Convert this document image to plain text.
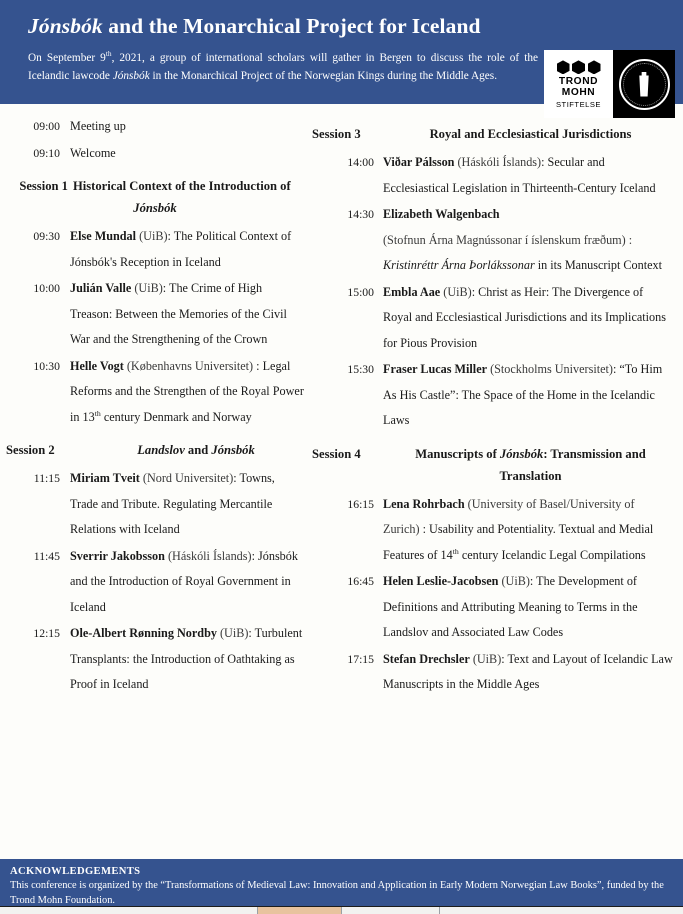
Jónsbók and the Monarchical Project for Iceland
On September 9th, 2021, a group of international scholars will gather in Bergen to discuss the role of the Icelandic lawcode Jónsbók in the Monarchical Project of the Norwegian Kings during the Middle Ages.
TROND
MOHN
STIFTELSE
09:00 Meeting up
09:10 Welcome
Session 1 Historical Context of the Introduction of Jónsbók
09:30 Else Mundal (UiB): The Political Context of Jónsbók's Reception in Iceland
10:00 Julián Valle (UiB): The Crime of High Treason: Between the Memories of the Civil War and the Strengthening of the Crown
10:30 Helle Vogt (Københavns Universitet) : Legal Reforms and the Strengthen of the Royal Power in 13th century Denmark and Norway
Session 2	Landslov and Jónsbók
11:15 Miriam Tveit (Nord Universitet): Towns, Trade and Tribute. Regulating Mercantile Relations with Iceland
11:45 Sverrir Jakobsson (Háskóli Íslands): Jónsbók and the Introduction of Royal Government in Iceland
12:15 Ole-Albert Rønning Nordby (UiB): Turbulent Transplants: the Introduction of Oathtaking as Proof in Iceland
Session 3	Royal and Ecclesiastical Jurisdictions
14:00 Viðar Pálsson (Háskóli Íslands): Secular and Ecclesiastical Legislation in Thirteenth-Century Iceland
14:30 Elizabeth Walgenbach
(Stofnun Árna Magnússonar í íslenskum fræðum) : Kristinréttr Árna Þorlákssonar in its Manuscript Context
15:00 Embla Aae (UiB): Christ as Heir: The Divergence of Royal and Ecclesiastical Jurisdictions and its Implications for Pious Provision
15:30 Fraser Lucas Miller (Stockholms Universitet): “To Him As His Castle”: The Space of the Home in the Icelandic Laws
Session 4	Manuscripts of Jónsbók: Transmission and Translation
16:15 Lena Rohrbach (University of Basel/University of Zurich) : Usability and Potentiality. Textual and Medial Features of 14th century Icelandic Legal Compilations
16:45 Helen Leslie-Jacobsen (UiB): The Development of Definitions and Attributing Meaning to Terms in the Landslov and Associated Law Codes
17:15 Stefan Drechsler (UiB): Text and Layout of Icelandic Law Manuscripts in the Middle Ages
ACKNOWLEDGEMENTS
This conference is organized by the “Transformations of Medieval Law: Innovation and Application in Early Modern Norwegian Law Books”, funded by the Trond Mohn Foundation.
